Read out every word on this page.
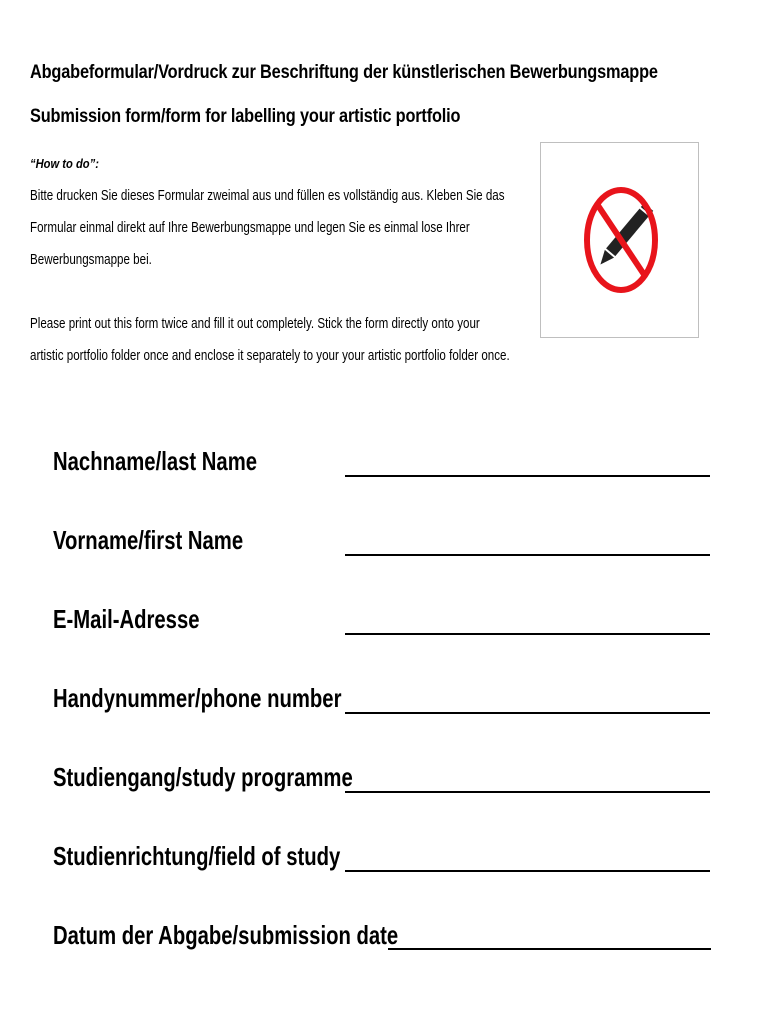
Abgabeformular/Vordruck zur Beschriftung der künstlerischen Bewerbungsmappe
Submission form/form for labelling your artistic portfolio
“How to do”:
Bitte drucken Sie dieses Formular zweimal aus und füllen es vollständig aus. Kleben Sie das
Formular einmal direkt auf Ihre Bewerbungsmappe und legen Sie es einmal lose Ihrer
Bewerbungsmappe bei.
Please print out this form twice and fill it out completely. Stick the form directly onto your
artistic portfolio folder once and enclose it separately to your your artistic portfolio folder once.
Nachname/last Name
Vorname/first Name
E-Mail-Adresse
Handynummer/phone number
Studiengang/study programme
Studienrichtung/field of study
Datum der Abgabe/submission date
